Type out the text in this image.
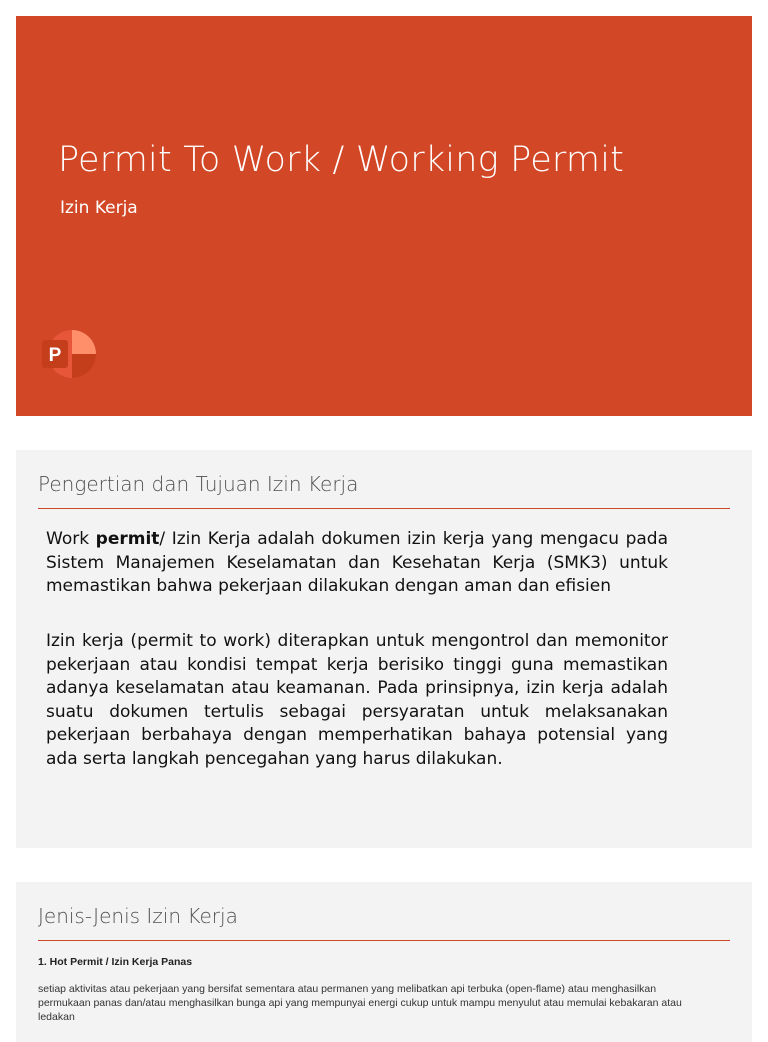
Permit To Work / Working Permit
Izin Kerja
P
Pengertian dan Tujuan Izin Kerja
Work permit/ Izin Kerja adalah dokumen izin kerja yang mengacu pada Sistem Manajemen Keselamatan dan Kesehatan Kerja (SMK3) untuk memastikan bahwa pekerjaan dilakukan dengan aman dan efisien
Izin kerja (permit to work) diterapkan untuk mengontrol dan memonitor pekerjaan atau kondisi tempat kerja berisiko tinggi guna memastikan adanya keselamatan atau keamanan. Pada prinsipnya, izin kerja adalah suatu dokumen tertulis sebagai persyaratan untuk melaksanakan pekerjaan berbahaya dengan memperhatikan bahaya potensial yang ada serta langkah pencegahan yang harus dilakukan.
Jenis-Jenis Izin Kerja
1. Hot Permit / Izin Kerja Panas
setiap aktivitas atau pekerjaan yang bersifat sementara atau permanen yang melibatkan api terbuka (open-flame) atau menghasilkan permukaan panas dan/atau menghasilkan bunga api yang mempunyai energi cukup untuk mampu menyulut atau memulai kebakaran atau ledakan
